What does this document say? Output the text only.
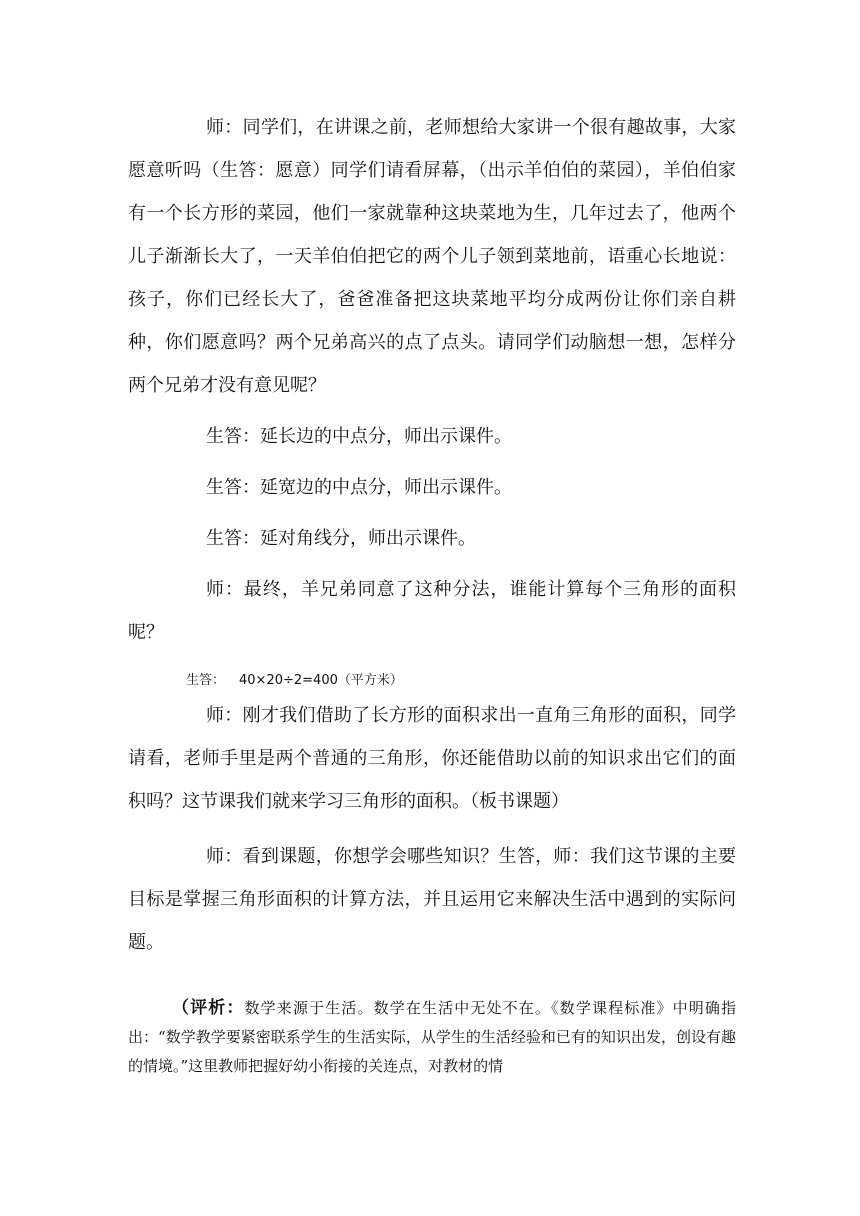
师：同学们，在讲课之前，老师想给大家讲一个很有趣故事，大家愿意听吗（生答：愿意）同学们请看屏幕，（出示羊伯伯的菜园），羊伯伯家有一个长方形的菜园，他们一家就靠种这块菜地为生，几年过去了，他两个儿子渐渐长大了，一天羊伯伯把它的两个儿子领到菜地前，语重心长地说：孩子，你们已经长大了，爸爸准备把这块菜地平均分成两份让你们亲自耕种，你们愿意吗？两个兄弟高兴的点了点头。请同学们动脑想一想，怎样分两个兄弟才没有意见呢？

生答：延长边的中点分，师出示课件。

生答：延宽边的中点分，师出示课件。

生答：延对角线分，师出示课件。

师：最终，羊兄弟同意了这种分法，谁能计算每个三角形的面积呢？

生答： 40×20÷2=400（平方米）

师：刚才我们借助了长方形的面积求出一直角三角形的面积，同学请看，老师手里是两个普通的三角形，你还能借助以前的知识求出它们的面积吗？这节课我们就来学习三角形的面积。（板书课题）

师：看到课题，你想学会哪些知识？生答，师：我们这节课的主要目标是掌握三角形面积的计算方法，并且运用它来解决生活中遇到的实际问题。

（评析：数学来源于生活。数学在生活中无处不在。《数学课程标准》中明确指出：“数学教学要紧密联系学生的生活实际，从学生的生活经验和已有的知识出发，创设有趣的情境。”这里教师把握好幼小衔接的关连点，对教材的情
